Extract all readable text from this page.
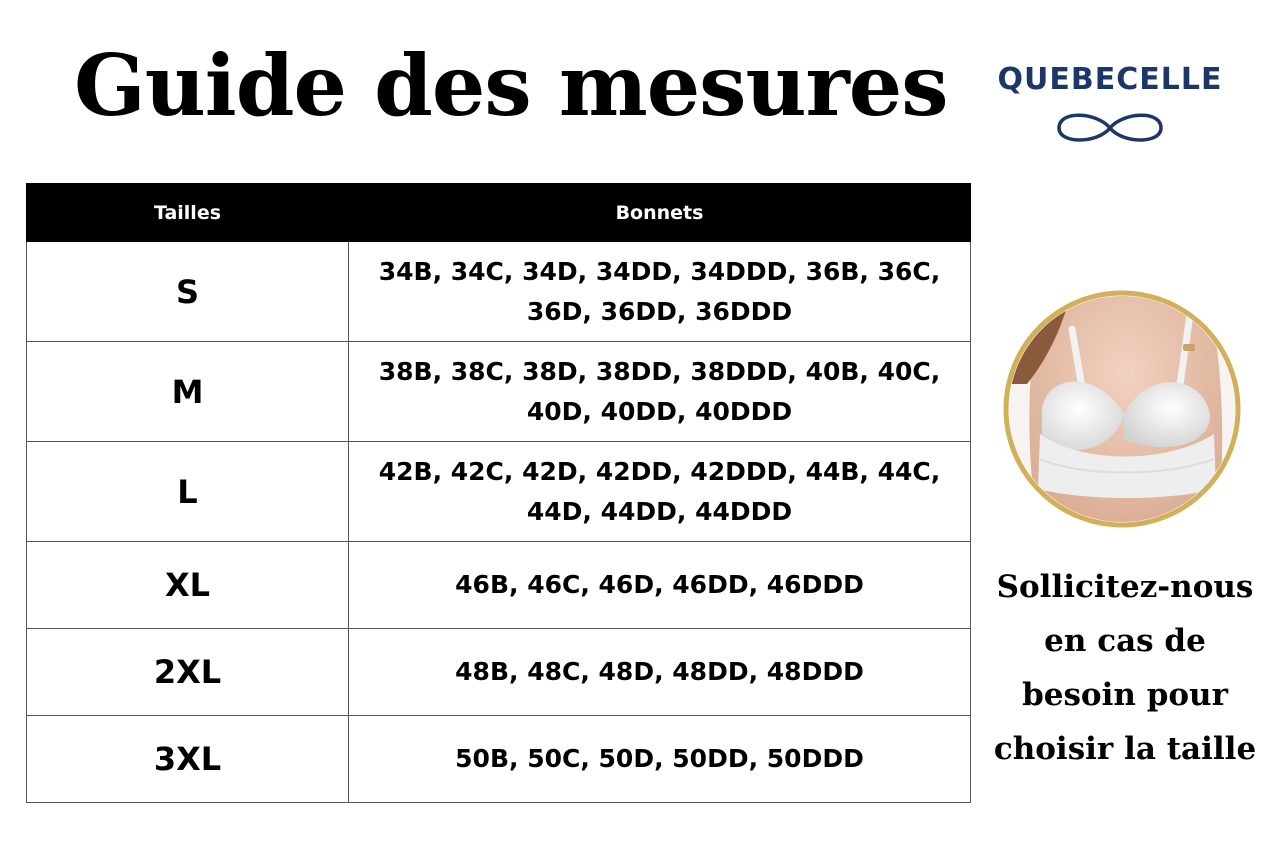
Guide des mesures	QUEBECELLE
Tailles	Bonnets
S	34B, 34C, 34D, 34DD, 34DDD, 36B, 36C, 36D, 36DD, 36DDD
M	38B, 38C, 38D, 38DD, 38DDD, 40B, 40C, 40D, 40DD, 40DDD
L	42B, 42C, 42D, 42DD, 42DDD, 44B, 44C, 44D, 44DD, 44DDD
XL	46B, 46C, 46D, 46DD, 46DDD
2XL	48B, 48C, 48D, 48DD, 48DDD
3XL	50B, 50C, 50D, 50DD, 50DDD

Sollicitez-nous en cas de besoin pour choisir la taille
